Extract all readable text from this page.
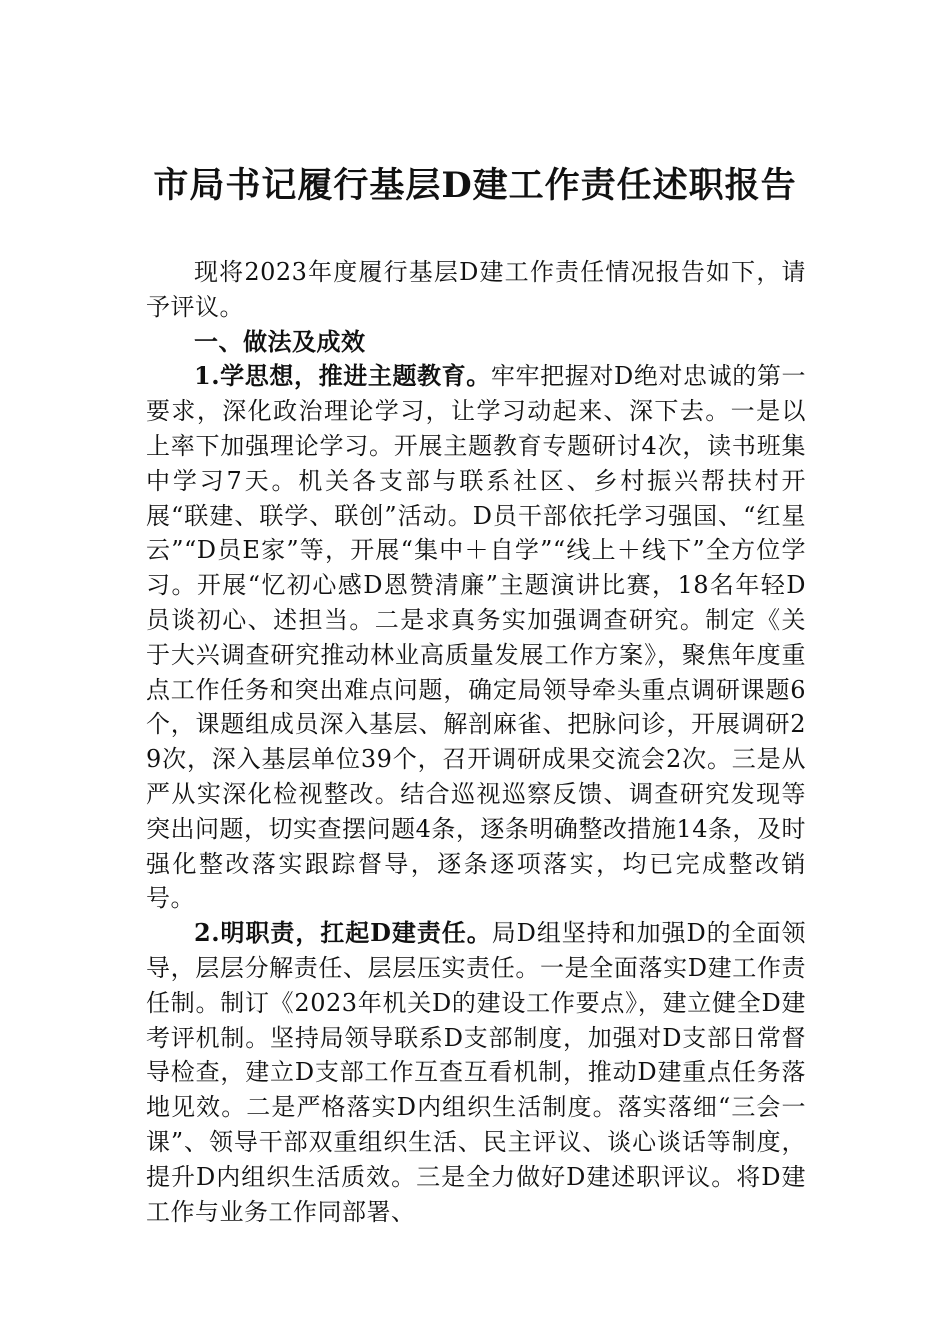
市局书记履行基层D建工作责任述职报告

现将2023年度履行基层D建工作责任情况报告如下，请予评议。

一、做法及成效

1.学思想，推进主题教育。牢牢把握对D绝对忠诚的第一要求，深化政治理论学习，让学习动起来、深下去。一是以上率下加强理论学习。开展主题教育专题研讨4次，读书班集中学习7天。机关各支部与联系社区、乡村振兴帮扶村开展“联建、联学、联创”活动。D员干部依托学习强国、“红星云”“D员E家”等，开展“集中＋自学”“线上＋线下”全方位学习。开展“忆初心感D恩赞清廉”主题演讲比赛，18名年轻D员谈初心、述担当。二是求真务实加强调查研究。制定《关于大兴调查研究推动林业高质量发展工作方案》，聚焦年度重点工作任务和突出难点问题，确定局领导牵头重点调研课题6个，课题组成员深入基层、解剖麻雀、把脉问诊，开展调研29次，深入基层单位39个，召开调研成果交流会2次。三是从严从实深化检视整改。结合巡视巡察反馈、调查研究发现等突出问题，切实查摆问题4条，逐条明确整改措施14条，及时强化整改落实跟踪督导，逐条逐项落实，均已完成整改销号。

2.明职责，扛起D建责任。局D组坚持和加强D的全面领导，层层分解责任、层层压实责任。一是全面落实D建工作责任制。制订《2023年机关D的建设工作要点》，建立健全D建考评机制。坚持局领导联系D支部制度，加强对D支部日常督导检查，建立D支部工作互查互看机制，推动D建重点任务落地见效。二是严格落实D内组织生活制度。落实落细“三会一课”、领导干部双重组织生活、民主评议、谈心谈话等制度，提升D内组织生活质效。三是全力做好D建述职评议。将D建工作与业务工作同部署、
